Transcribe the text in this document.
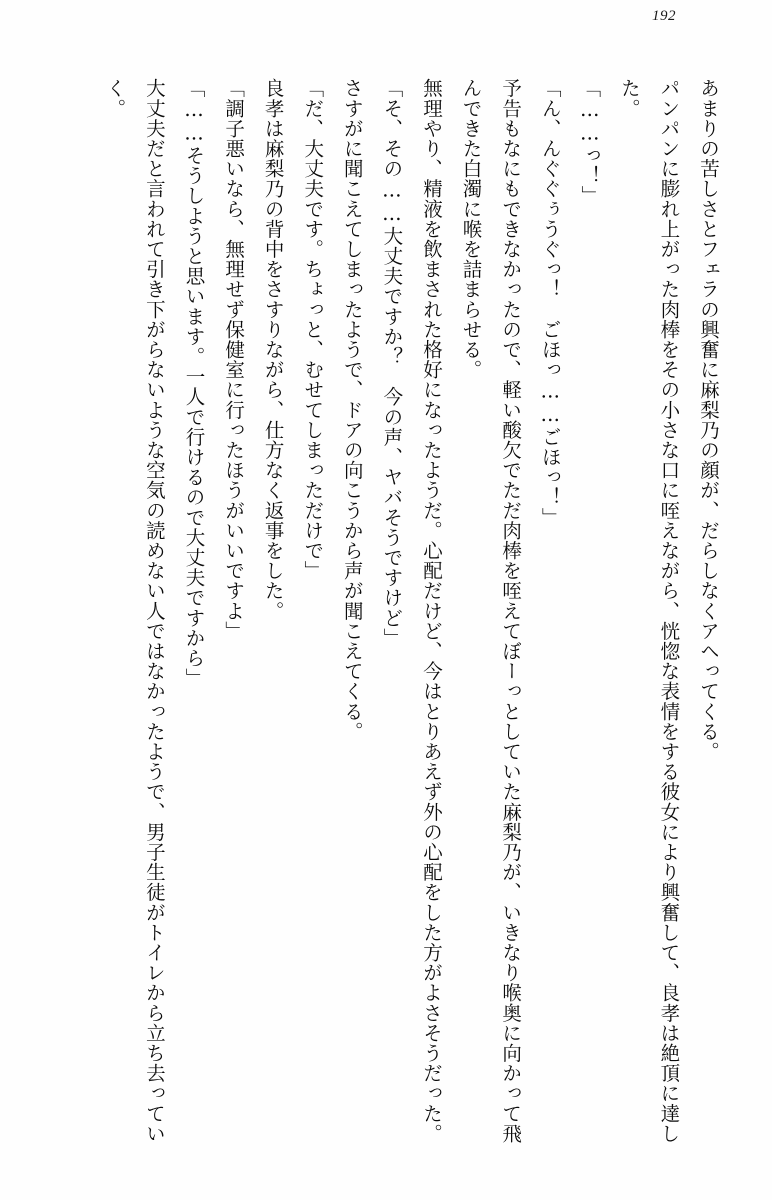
192

あまりの苦しさとフェラの興奮に麻梨乃の顔が、だらしなくアヘってくる。

パンパンに膨れ上がった肉棒をその小さな口に咥えながら、恍惚な表情をする彼女により興奮して、良孝は絶頂に達した。

「……っ！」

「ん、んぐぐぅうぐっ！　ごほっ……ごほっ！」

予告もなにもできなかったので、軽い酸欠でただ肉棒を咥えてぼーっとしていた麻梨乃が、いきなり喉奥に向かって飛んできた白濁に喉を詰まらせる。

無理やり、精液を飲まされた格好になったようだ。心配だけど、今はとりあえず外の心配をした方がよさそうだった。

「そ、その……大丈夫ですか？　今の声、ヤバそうですけど」

さすがに聞こえてしまったようで、ドアの向こうから声が聞こえてくる。

「だ、大丈夫です。ちょっと、むせてしまっただけで」

良孝は麻梨乃の背中をさすりながら、仕方なく返事をした。

「調子悪いなら、無理せず保健室に行ったほうがいいですよ」

「……そうしようと思います。一人で行けるので大丈夫ですから」

大丈夫だと言われて引き下がらないような空気の読めない人ではなかったようで、男子生徒がトイレから立ち去っていく。
